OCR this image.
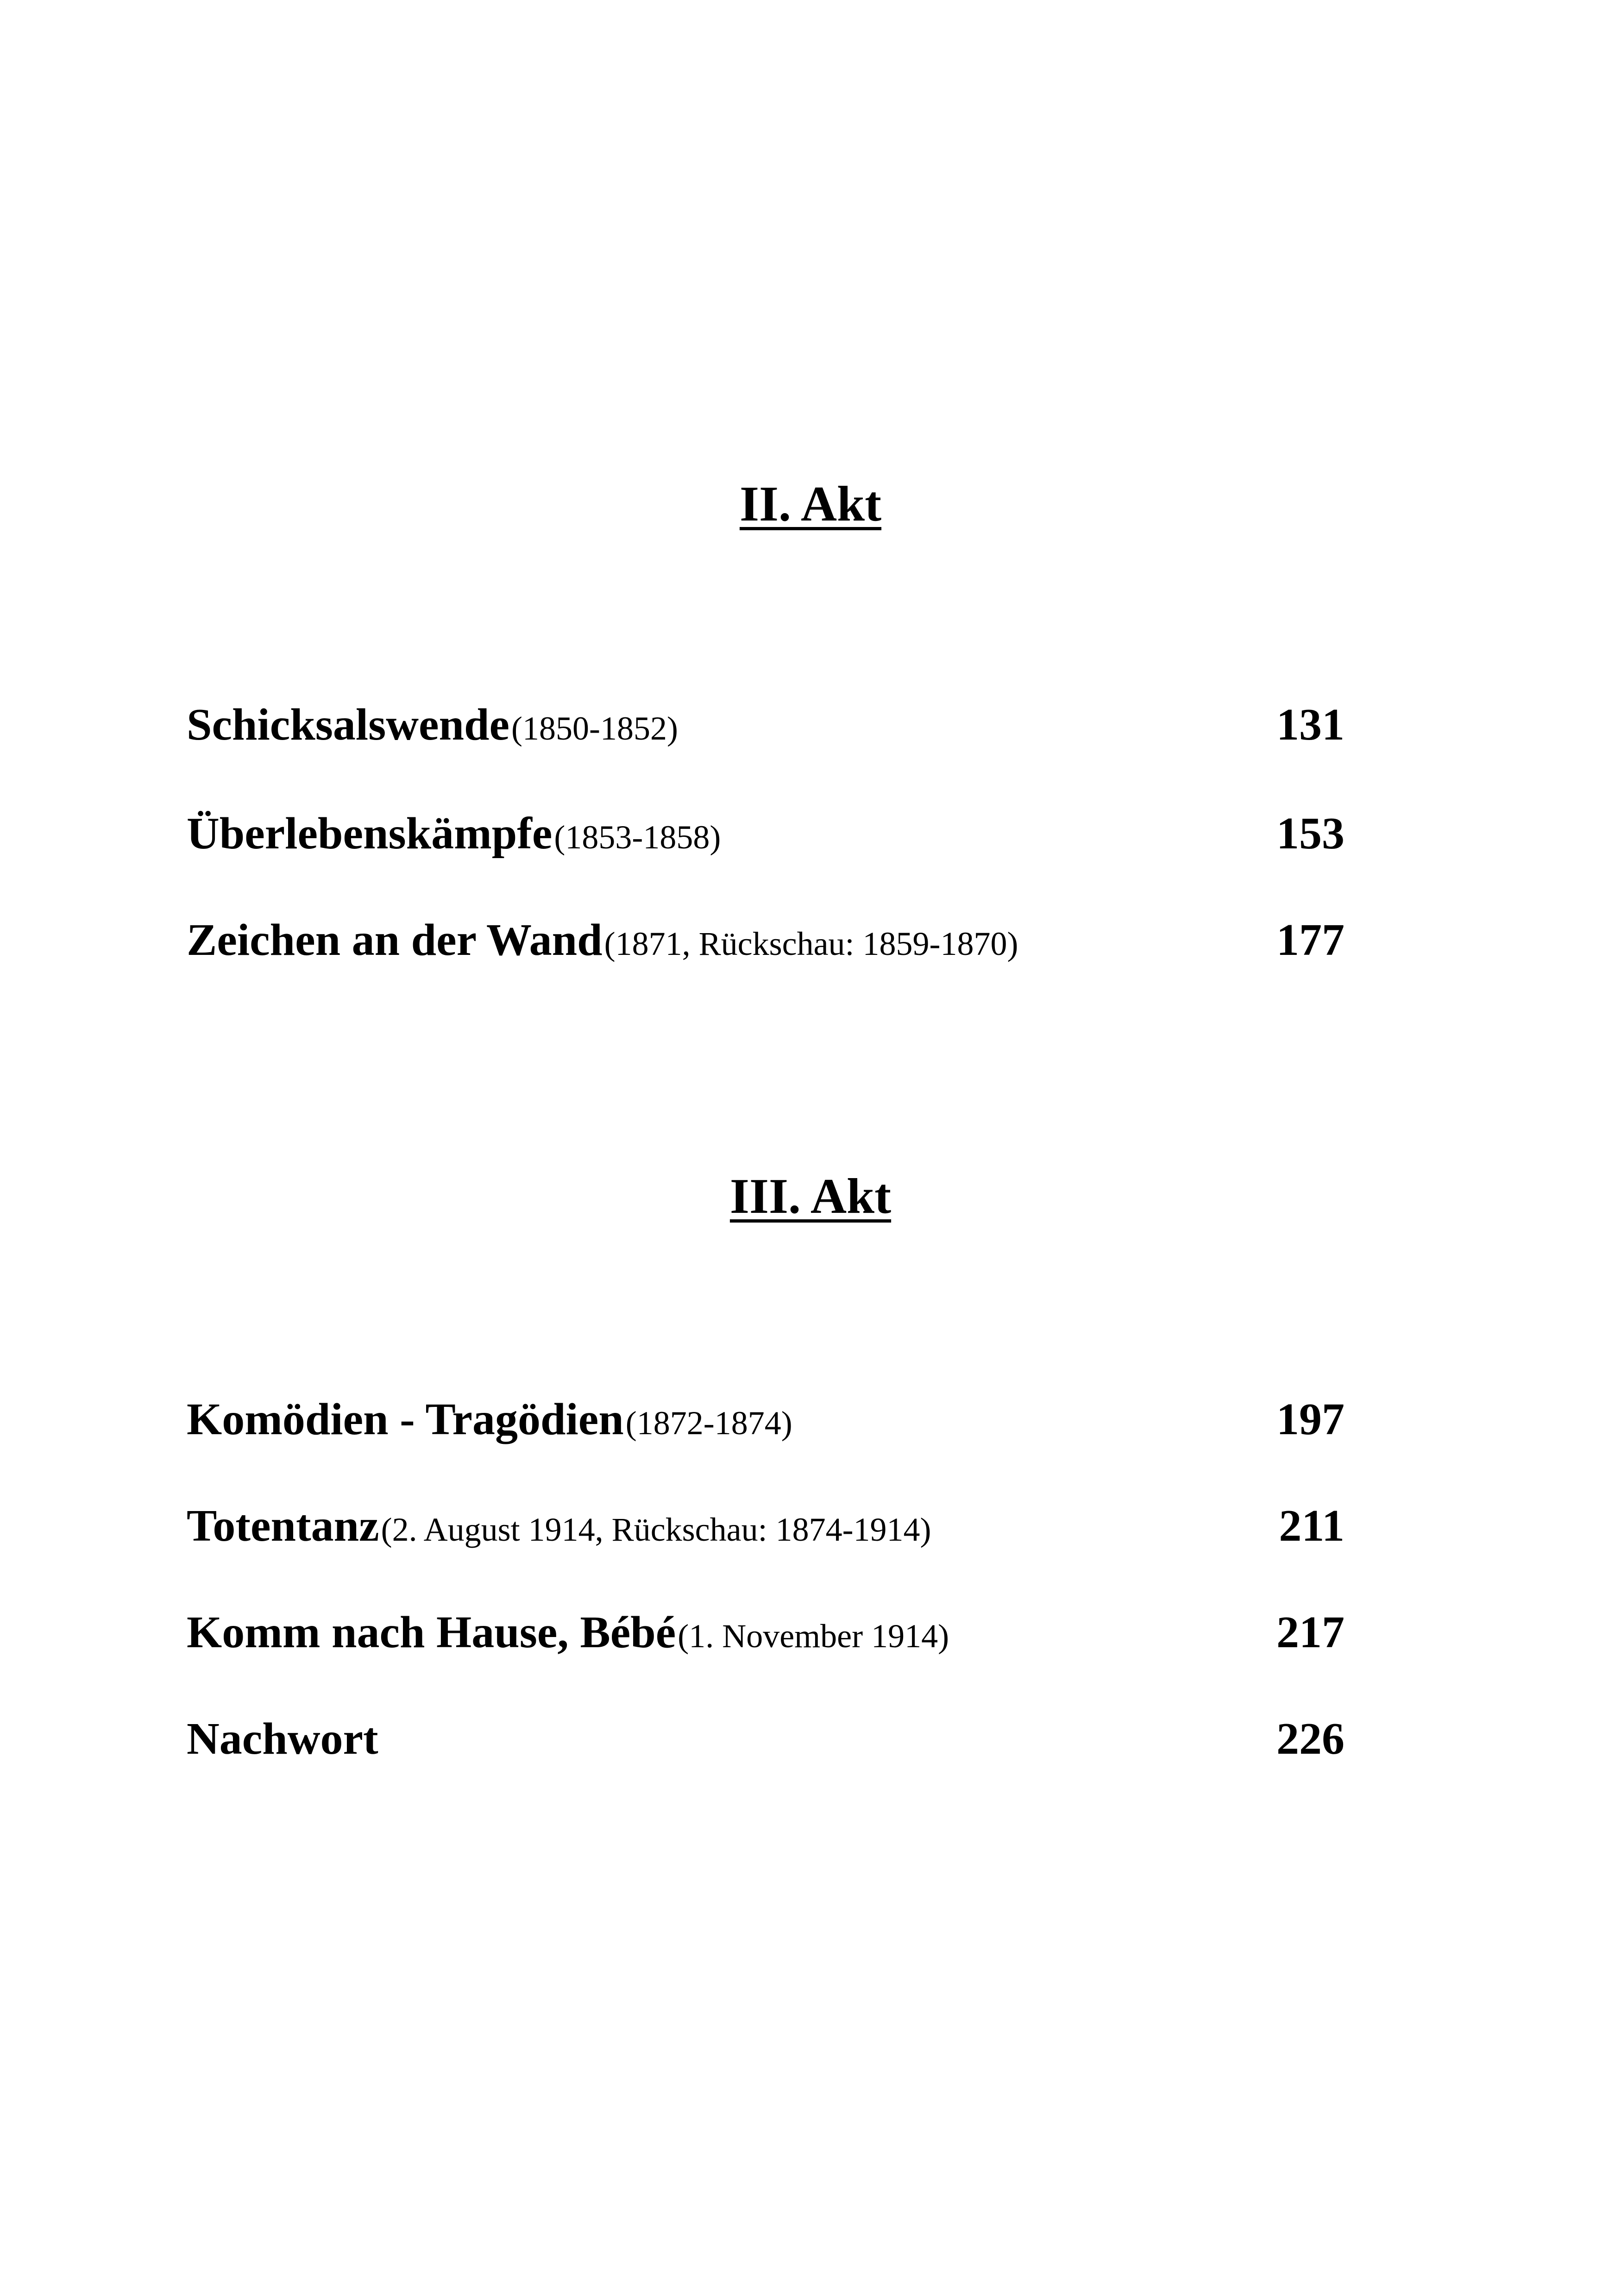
II. Akt
Schicksalswende (1850-1852)	131
Überlebenskämpfe (1853-1858)	153
Zeichen an der Wand (1871, Rückschau: 1859-1870)	177
III. Akt
Komödien - Tragödien (1872-1874)	197
Totentanz (2. August 1914, Rückschau: 1874-1914)	211
Komm nach Hause, Bébé (1. November 1914)	217
Nachwort	226
